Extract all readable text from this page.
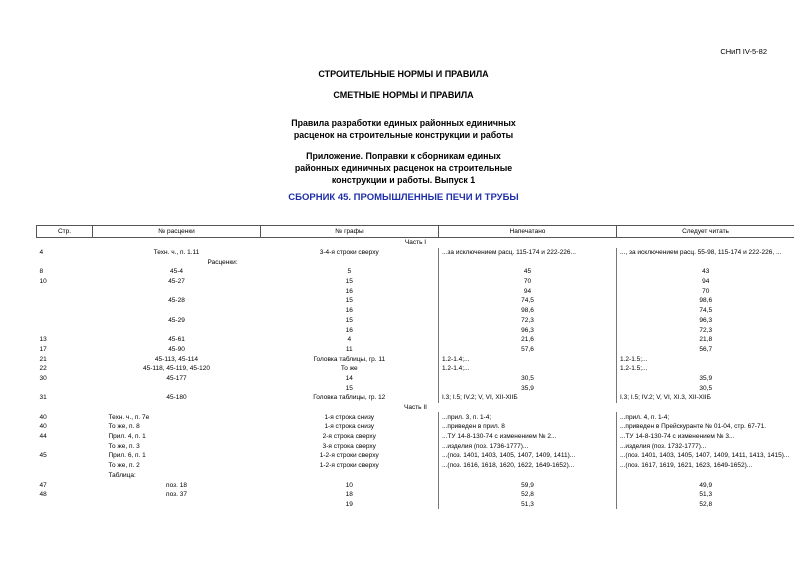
СНиП IV-5-82
СТРОИТЕЛЬНЫЕ НОРМЫ И ПРАВИЛА
СМЕТНЫЕ НОРМЫ И ПРАВИЛА
Правила разработки единых районных единичных
расценок на строительные конструкции и работы
Приложение. Поправки к сборникам единых
районных единичных расценок на строительные
конструкции и работы. Выпуск 1
СБОРНИК 45. ПРОМЫШЛЕННЫЕ ПЕЧИ И ТРУБЫ
Стр.	№ расценки	№ графы	Напечатано	Следует читать
Часть I				
4	Техн. ч., п. 1.11	3-4-я строки сверху	...за исключением расц. 115-174 и 222-226...	..., за исключением расц. 55-98, 115-174 и 222-226, ...
	Расценки:			
8	45-4	5	45	43
10	45-27	15	70	94
		16	94	70
	45-28	15	74,5	98,6
		16	98,6	74,5
	45-29	15	72,3	96,3
		16	96,3	72,3
13	45-61	4	21,6	21,8
17	45-90	11	57,6	56,7
21	45-113, 45-114	Головка таблицы, гр. 11	1.2-1.4;...	1.2-1.5;...
22	45-118, 45-119, 45-120	То же	1.2-1.4;...	1.2-1.5;...
30	45-177	14	30,5	35,9
		15	35,9	30,5
31	45-180	Головка таблицы, гр. 12	I.3; I.5; IV.2; V, VI, XII-XIIБ	I.3; I.5; IV.2; V, VI, XI.3, XII-XIIБ
Часть II				
40	Техн. ч., п. 7е	1-я строка снизу	...прил. 3, п. 1-4;	...прил. 4, п. 1-4;
40	То же, п. 8	1-я строка снизу	...приведен в прил. 8	...приведен в Прейскуранте № 01-04, стр. 67-71.
44	Прил. 4, п. 1	2-я строка сверху	...ТУ 14-8-130-74 с изменением № 2...	...ТУ 14-8-130-74 с изменением № 3...
	То же, п. 3	3-я строка сверху	...изделия (поз. 1736-1777)...	...изделия (поз. 1732-1777)...
45	Прил. 6, п. 1	1-2-я строки сверху	...(поз. 1401, 1403, 1405, 1407, 1409, 1411)...	...(поз. 1401, 1403, 1405, 1407, 1409, 1411, 1413, 1415)...
	То же, п. 2	1-2-я строки сверху	...(поз. 1616, 1618, 1620, 1622, 1649-1652)...	...(поз. 1617, 1619, 1621, 1623, 1649-1652)...
	Таблица:			
47	поз. 18	10	59,9	49,9
48	поз. 37	18	52,8	51,3
		19	51,3	52,8
